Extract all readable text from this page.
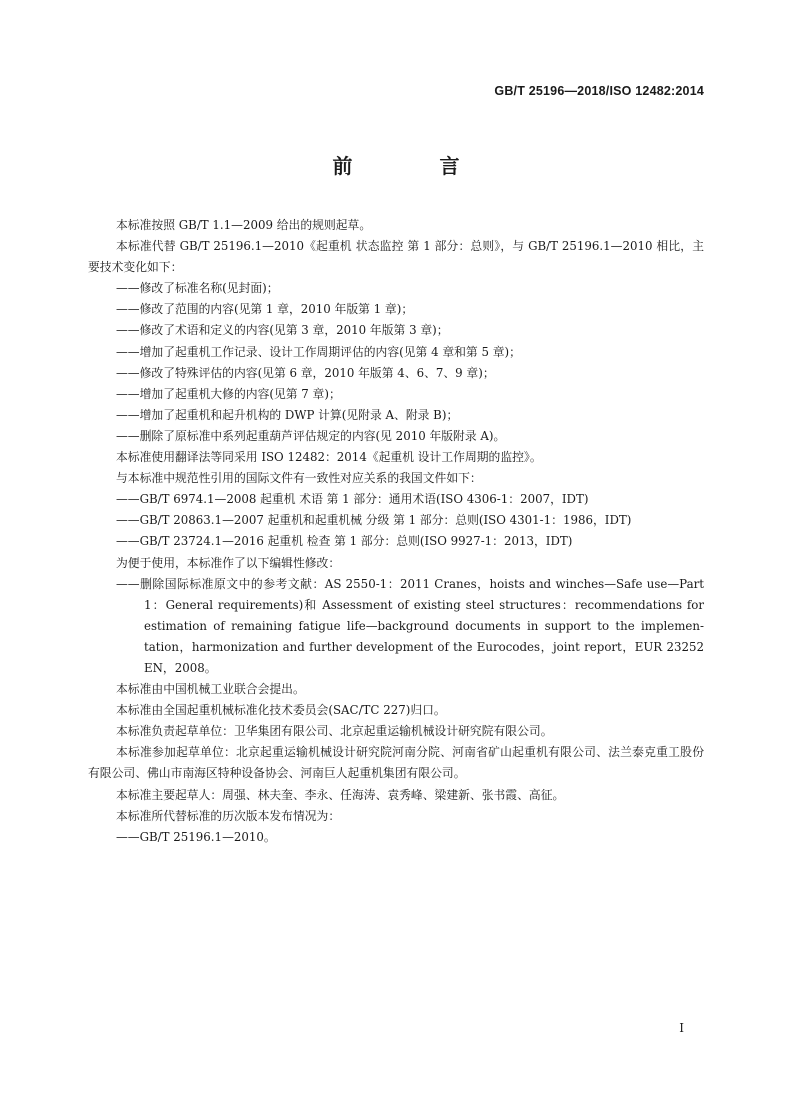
GB/T 25196—2018/ISO 12482:2014
前 言

本标准按照 GB/T 1.1—2009 给出的规则起草。

本标准代替 GB/T 25196.1—2010《起重机 状态监控 第 1 部分：总则》，与 GB/T 25196.1—2010 相比，主要技术变化如下：

——修改了标准名称(见封面)；

——修改了范围的内容(见第 1 章，2010 年版第 1 章)；

——修改了术语和定义的内容(见第 3 章，2010 年版第 3 章)；

——增加了起重机工作记录、设计工作周期评估的内容(见第 4 章和第 5 章)；

——修改了特殊评估的内容(见第 6 章，2010 年版第 4、6、7、9 章)；

——增加了起重机大修的内容(见第 7 章)；

——增加了起重机和起升机构的 DWP 计算(见附录 A、附录 B)；

——删除了原标准中系列起重葫芦评估规定的内容(见 2010 年版附录 A)。

本标准使用翻译法等同采用 ISO 12482：2014《起重机 设计工作周期的监控》。

与本标准中规范性引用的国际文件有一致性对应关系的我国文件如下：

——GB/T 6974.1—2008 起重机 术语 第 1 部分：通用术语(ISO 4306-1：2007，IDT)

——GB/T 20863.1—2007 起重机和起重机械 分级 第 1 部分：总则(ISO 4301-1：1986，IDT)

——GB/T 23724.1—2016 起重机 检查 第 1 部分：总则(ISO 9927-1：2013，IDT)

为便于使用，本标准作了以下编辑性修改：

——删除国际标准原文中的参考文献：AS 2550-1：2011 Cranes，hoists and winches—Safe use—Part 1：General requirements)和 Assessment of existing steel structures：recommendations for estimation of remaining fatigue life—background documents in support to the implemen-tation，harmonization and further development of the Eurocodes，joint report，EUR 23252 EN，2008。

本标准由中国机械工业联合会提出。

本标准由全国起重机械标准化技术委员会(SAC/TC 227)归口。

本标准负责起草单位：卫华集团有限公司、北京起重运输机械设计研究院有限公司。

本标准参加起草单位：北京起重运输机械设计研究院河南分院、河南省矿山起重机有限公司、法兰泰克重工股份有限公司、佛山市南海区特种设备协会、河南巨人起重机集团有限公司。

本标准主要起草人：周强、林夫奎、李永、任海涛、袁秀峰、梁建新、张书霞、高征。

本标准所代替标准的历次版本发布情况为：

——GB/T 25196.1—2010。

I
